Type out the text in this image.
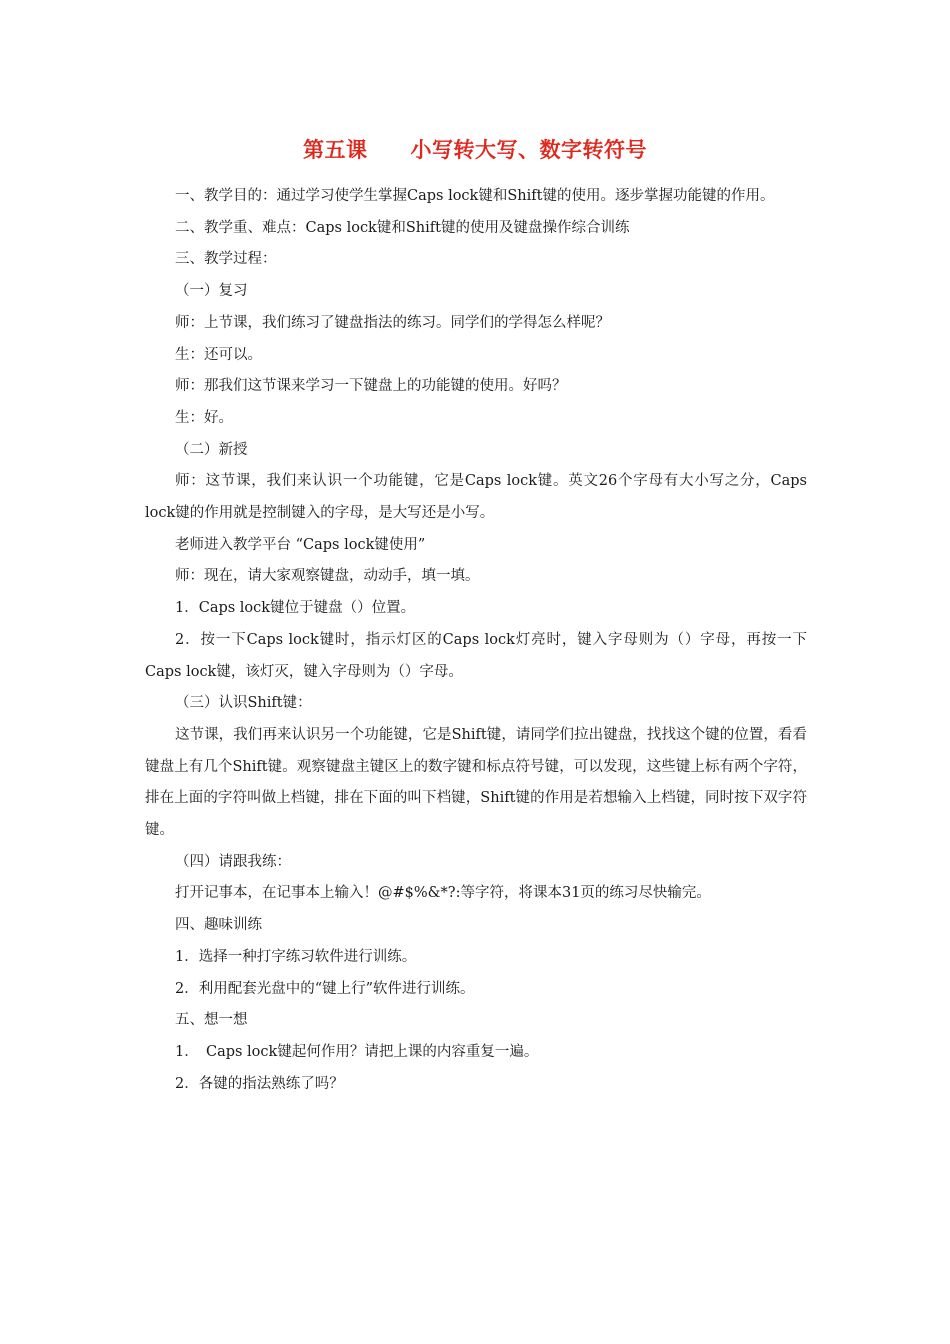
第五课　　小写转大写、数字转符号

一、教学目的：通过学习使学生掌握Caps lock键和Shift键的使用。逐步掌握功能键的作用。

二、教学重、难点：Caps lock键和Shift键的使用及键盘操作综合训练

三、教学过程：

（一）复习

师：上节课，我们练习了键盘指法的练习。同学们的学得怎么样呢？

生：还可以。

师：那我们这节课来学习一下键盘上的功能键的使用。好吗？

生：好。

（二）新授

师：这节课，我们来认识一个功能键，它是Caps lock键。英文26个字母有大小写之分，Caps lock键的作用就是控制键入的字母，是大写还是小写。

老师进入教学平台 “Caps lock键使用”

师：现在，请大家观察键盘，动动手，填一填。

1．Caps lock键位于键盘（）位置。

2．按一下Caps lock键时，指示灯区的Caps lock灯亮时，键入字母则为（）字母，再按一下Caps lock键，该灯灭，键入字母则为（）字母。

（三）认识Shift键：

这节课，我们再来认识另一个功能键，它是Shift键，请同学们拉出键盘，找找这个键的位置，看看键盘上有几个Shift键。观察键盘主键区上的数字键和标点符号键，可以发现，这些键上标有两个字符，排在上面的字符叫做上档键，排在下面的叫下档键，Shift键的作用是若想输入上档键，同时按下双字符键。

（四）请跟我练：

打开记事本，在记事本上输入！@#$%&*?:等字符，将课本31页的练习尽快输完。

四、趣味训练

1．选择一种打字练习软件进行训练。

2．利用配套光盘中的“键上行”软件进行训练。

五、想一想

1．　Caps lock键起何作用？请把上课的内容重复一遍。

2．各键的指法熟练了吗？
